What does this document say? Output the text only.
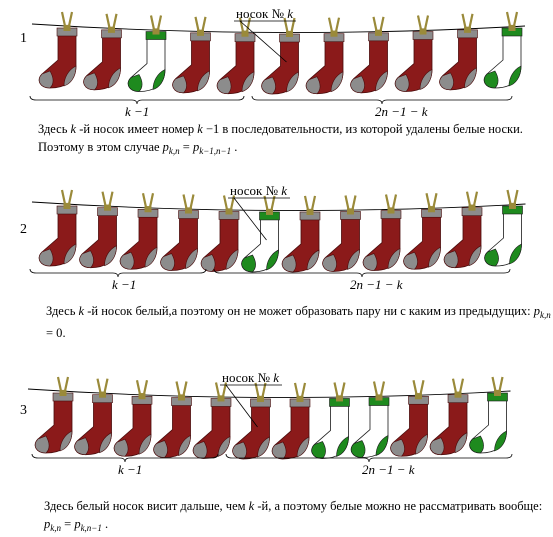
1
носок № k
k −1	2n −1 − k
2
носок № k
k −1	2n −1 − k
3
носок № k
k −1	2n −1 − k
Здесь k -й носок имеет номер k −1 в последовательности, из которой удалены белые носки. Поэтому в этом случае $p_{k,n} = p_{k-1,n-1}$ .
Здесь k -й носок белый,а поэтому он не может образовать пару ни с каким из предыдущих: $p_{k,n} = 0$.
Здесь белый носок висит дальше, чем k -й, а поэтому белые можно не рассматривать вообще: $p_{k,n} = p_{k,n-1}$ .
